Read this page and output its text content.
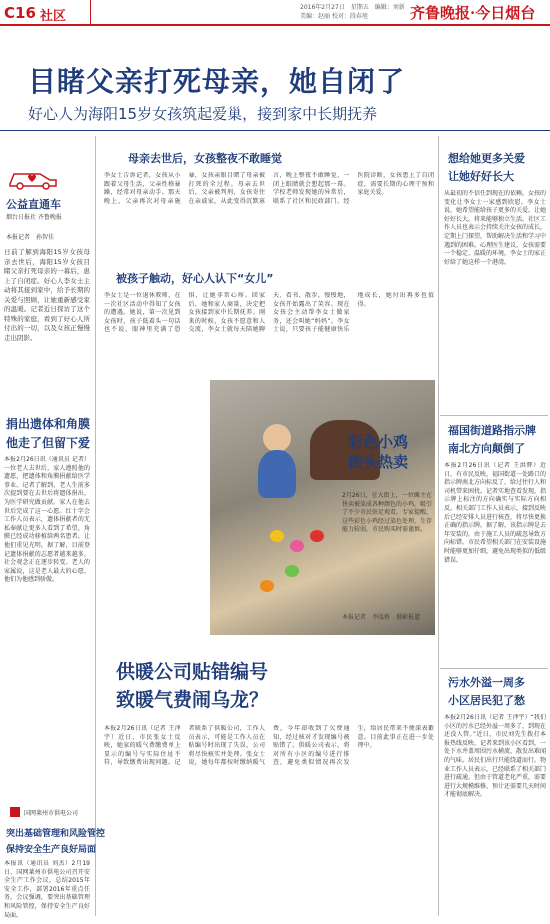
C16 社区
2016年2月27日　星期五　编辑：刘新 美编：赵丽 校对：段春旭	齐鲁晚报·今日烟台
目睹父亲打死母亲，她自闭了
好心人为海阳15岁女孩筑起爱巢，接到家中长期抚养
公益直通车
烟台日报社 齐鲁晚报
本报记者　孙智佳
日前了解到海阳15岁女孩母亲去世后，海阳15岁女孩目睹父亲打死母亲的一幕后，患上了自闭症。好心人李女士主动将其接到家中，给予长期的关爱与照顾，让她重新感受家的温暖。记者近日探访了这个特殊的家庭，看到了好心人所付出的一切，以及女孩正慢慢走出阴影。
捐出遗体和角膜
他走了但留下爱
本报2月26日讯（通讯员 记者）一位老人去世后，家人遵照他的遗愿，把遗体和角膜捐献给医学事业。记者了解到，老人生前多次提到要在去世后将遗体捐出，为医学研究做贡献。家人在他去世后完成了这一心愿。红十字会工作人员表示，遗体捐献者的无私奉献让更多人看到了希望，角膜已经成功移植给两名患者，让他们重见光明。据了解，目前登记遗体捐献的志愿者越来越多，社会观念正在逐步转变。老人的家属说，这是老人最大的心愿，他们为他感到骄傲。
国网莱州市供电公司
突出基础管理和风险管控
保持安全生产良好局面
本报讯（通讯员 刘杰）2月19日，国网莱州市供电公司召开安全生产工作会议，总结2015年安全工作，部署2016年重点任务。会议强调，要突出基础管理和风险管控，保持安全生产良好局面。
母亲去世后，女孩整夜不敢睡觉
李女士告诉记者，女孩从小跟着父母生活，父亲性格暴躁，经常对母亲动手。那天晚上，父亲再次对母亲施暴，女孩亲眼目睹了母亲被打死的全过程。母亲去世后，父亲被判刑，女孩寄住在亲戚家，从此变得沉默寡言，晚上整夜不敢睡觉，一闭上眼睛就会想起那一幕。学校老师发现她的异常后，联系了社区和民政部门。经医院诊断，女孩患上了自闭症，需要长期的心理干预和家庭关爱。
被孩子触动，好心人认下“女儿”
李女士是一位退休教师，在一次社区活动中得知了女孩的遭遇。她说，第一次见到女孩时，孩子低着头一句话也不说，眼神里充满了恐惧，让她非常心疼。回家后，她和家人商量，决定把女孩接到家中长期抚养。刚来的时候，女孩不愿意和人交流，李女士就每天陪她聊天、看书、散步，慢慢地，女孩开始露出了笑容。现在女孩会主动帮李女士做家务，还会叫她“妈妈”。李女士说，只要孩子能健康快乐地成长，她付出再多也值得。
彩色小鸡
街头热卖
2月26日，在大街上，一位摊主在售卖被染成各种颜色的小鸡，吸引了不少市民驻足观看。专家提醒，这些彩色小鸡经过染色处理，生存能力较弱，市民购买时需谨慎。
本报记者　李泓桥　摄影报道
供暖公司贴错编号
致暖气费闹乌龙？
本报2月26日讯（记者 王泽宇）近日，市民张女士反映，她家的暖气费缴费单上显示的编号与实际住址不符，导致缴费出现问题。记者联系了供暖公司，工作人员表示，可能是工作人员在贴编号时出现了失误，公司将尽快核实并处理。张女士说，她每年都按时缴纳暖气费，今年却收到了欠费通知，经过核对才发现编号被贴错了。供暖公司表示，将对所有小区的编号进行排查，避免类似情况再次发生，给居民带来不便深表歉意。目前此事正在进一步处理中。
想给她更多关爱
让她好好长大
从最初的不信任到现在的依赖，女孩的变化让李女士一家感到欣慰。李女士说，她希望能给孩子更多的关爱，让她好好长大，将来能够独立生活。社区工作人员也表示会持续关注女孩的成长，定期上门探望，帮助解决生活和学习中遇到的困难。心理医生建议，女孩需要一个稳定、温暖的环境，李女士的家正好给了她这样一个港湾。
福国街道路指示牌
南北方向颠倒了
本报2月26日讯（记者 王洪辉）近日，有市民反映，福国街道一处路口的指示牌南北方向标反了，给过往行人和司机带来困扰。记者实地查看发现，指示牌上标注的方向确实与实际方向相反。相关部门工作人员表示，接到反映后已经安排人员进行核查，将尽快更换正确的指示牌。据了解，该指示牌是去年安装的，由于施工人员的疏忽导致方向标错。市民希望相关部门在安装设施时能够更加仔细，避免出现类似的低级错误。
污水外溢一周多
小区居民犯了愁
本报2月26日讯（记者 王泽宇）“我们小区的污水已经外溢一周多了，到现在还没人管。”近日，市民刘先生拨打本报热线反映。记者来到该小区看到，一处下水井盖周围污水横流，散发出难闻的气味。居民们出行只能绕道而行。物业工作人员表示，已经联系了相关部门进行疏通，但由于管道老化严重，需要进行大规模维修，预计还需要几天时间才能彻底解决。
